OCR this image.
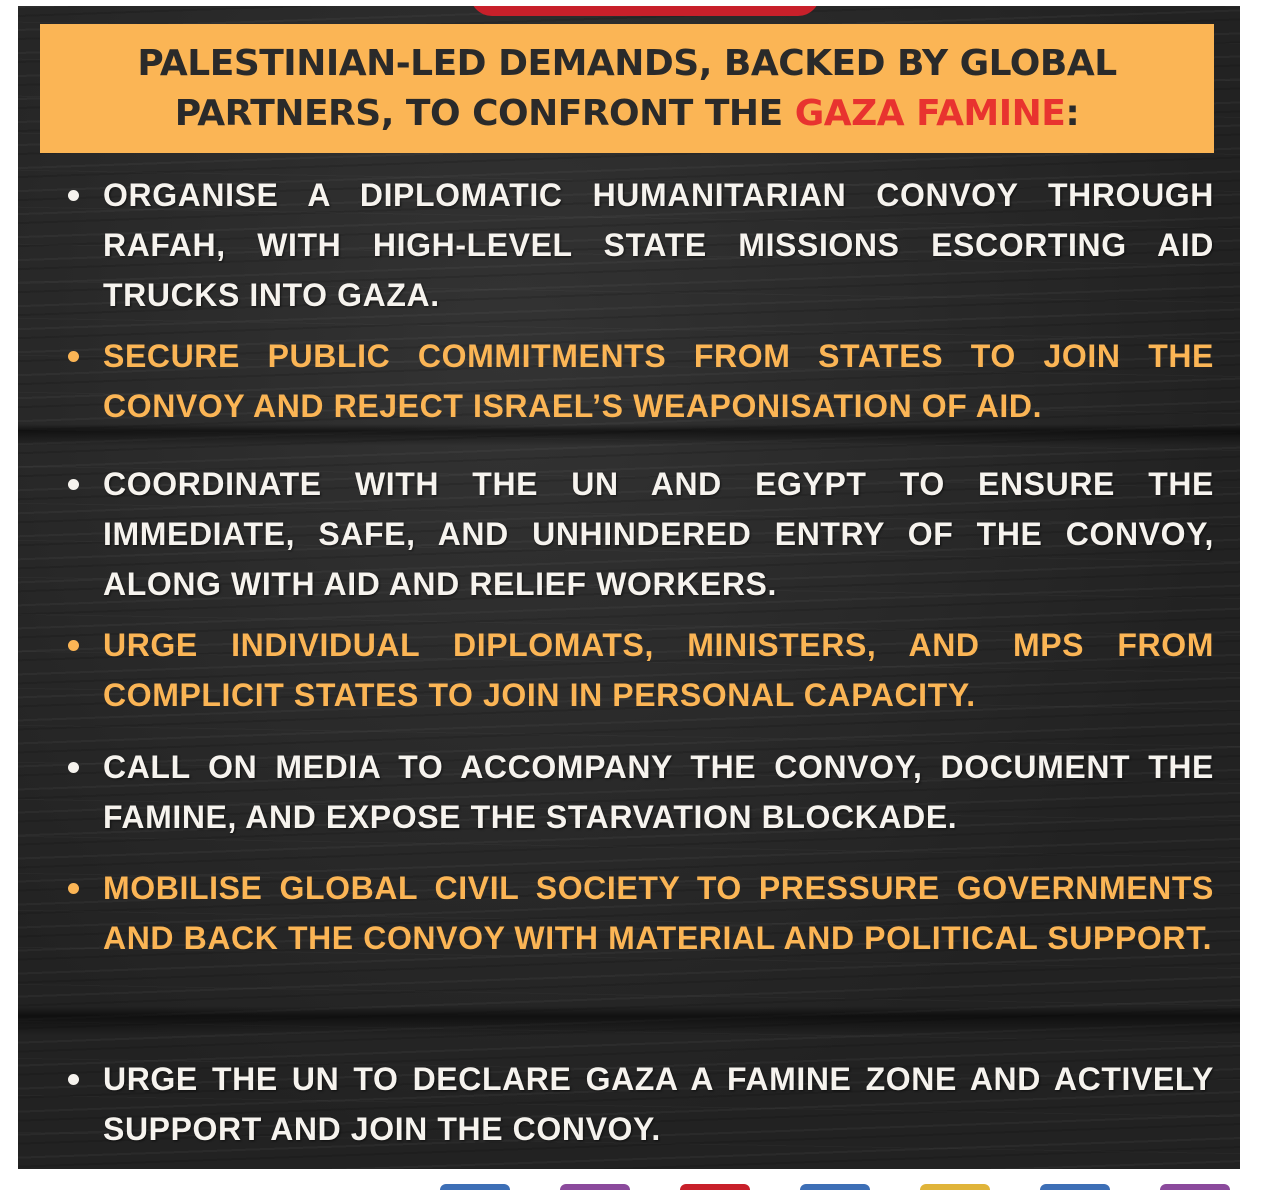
PALESTINIAN-LED DEMANDS, BACKED BY GLOBAL PARTNERS, TO CONFRONT THE GAZA FAMINE:
ORGANISE A DIPLOMATIC HUMANITARIAN CONVOY THROUGH RAFAH, WITH HIGH-LEVEL STATE MISSIONS ESCORTING AID TRUCKS INTO GAZA.
SECURE PUBLIC COMMITMENTS FROM STATES TO JOIN THE CONVOY AND REJECT ISRAEL’S WEAPONISATION OF AID.
COORDINATE WITH THE UN AND EGYPT TO ENSURE THE IMMEDIATE, SAFE, AND UNHINDERED ENTRY OF THE CONVOY, ALONG WITH AID AND RELIEF WORKERS.
URGE INDIVIDUAL DIPLOMATS, MINISTERS, AND MPS FROM COMPLICIT STATES TO JOIN IN PERSONAL CAPACITY.
CALL ON MEDIA TO ACCOMPANY THE CONVOY, DOCUMENT THE FAMINE, AND EXPOSE THE STARVATION BLOCKADE.
MOBILISE GLOBAL CIVIL SOCIETY TO PRESSURE GOVERNMENTS AND BACK THE CONVOY WITH MATERIAL AND POLITICAL SUPPORT.
URGE THE UN TO DECLARE GAZA A FAMINE ZONE AND ACTIVELY SUPPORT AND JOIN THE CONVOY.
